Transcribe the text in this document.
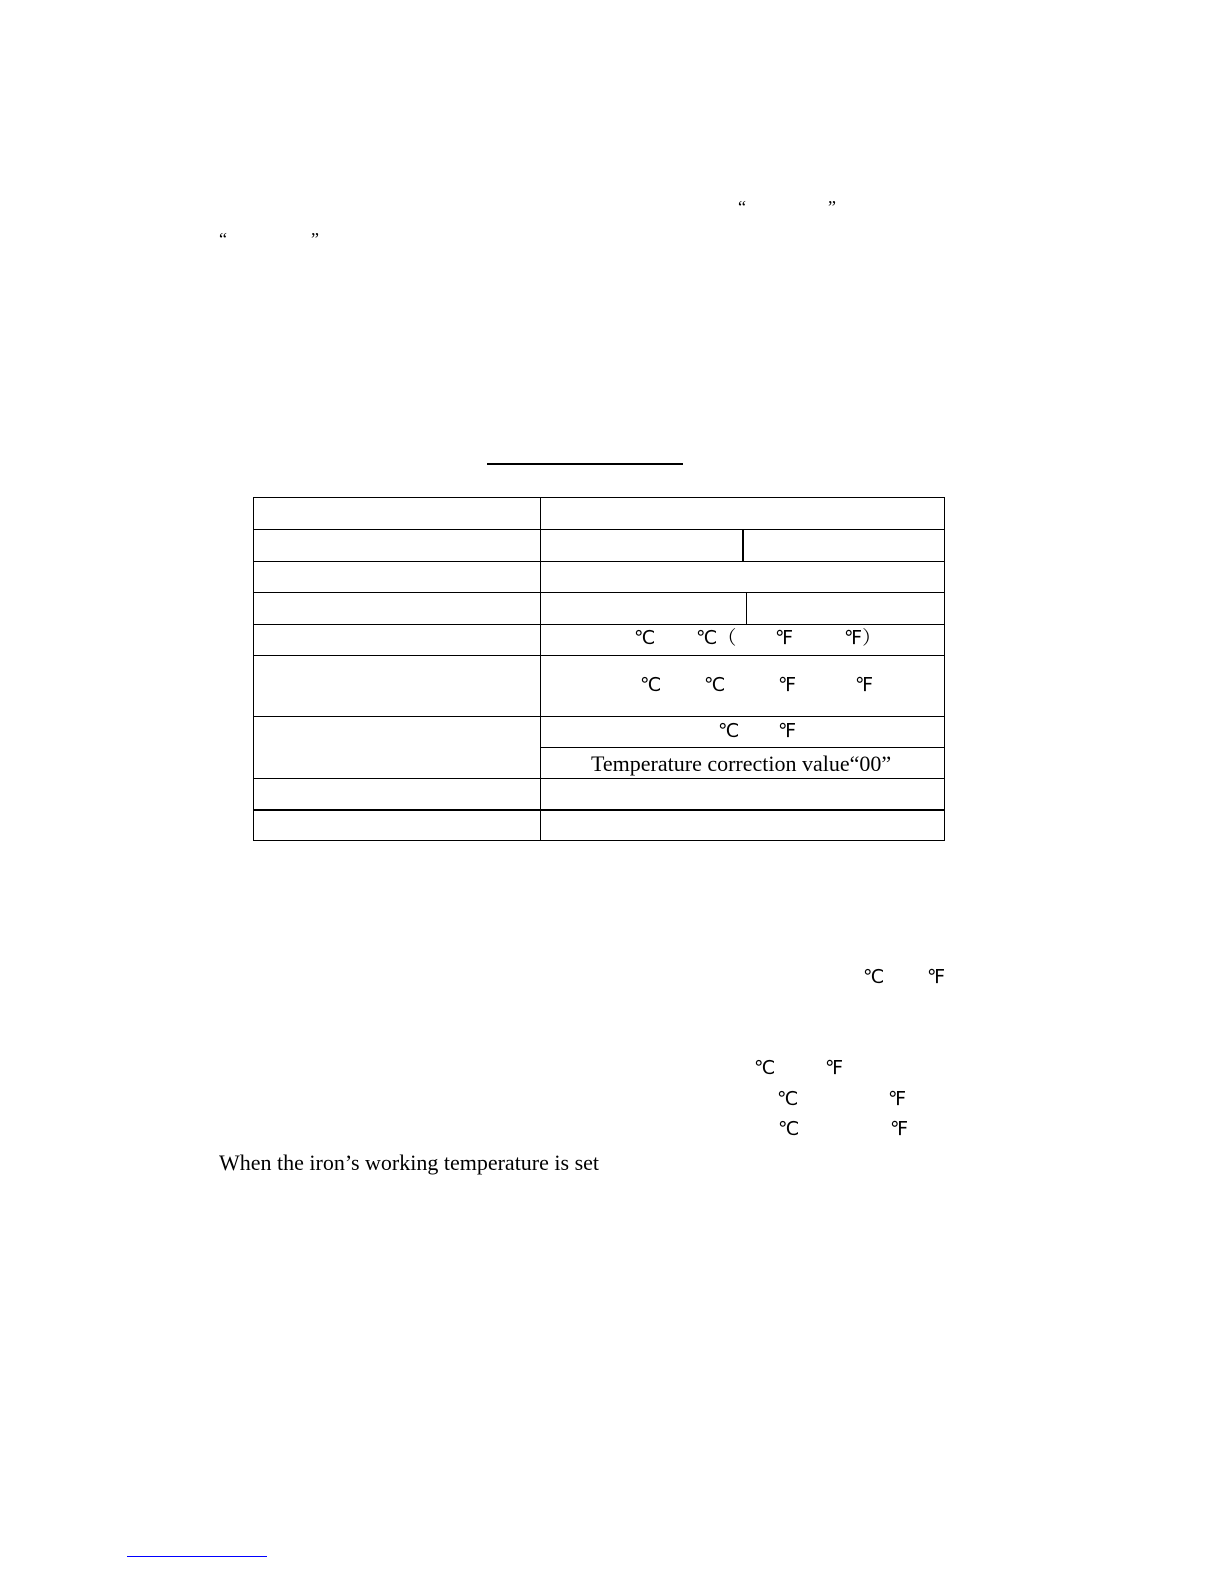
“	”
“	”
℃ ℃（ ℉	℉）
℃ ℃	℉	℉
℃ ℉
Temperature correction value“00”
℃ ℉
℃	℉
℃	℉
℃	℉
When the iron’s working temperature is set
